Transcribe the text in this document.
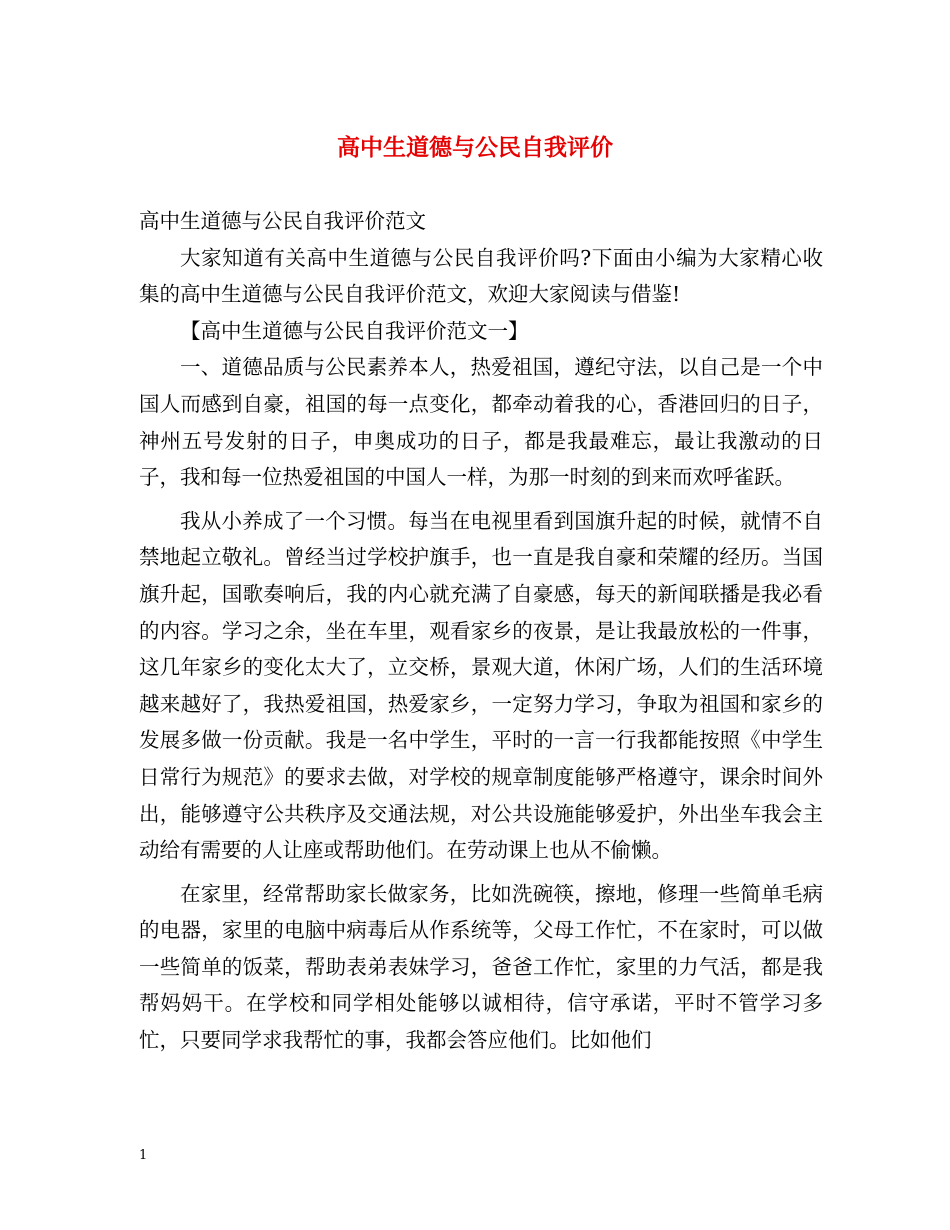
高中生道德与公民自我评价

高中生道德与公民自我评价范文

大家知道有关高中生道德与公民自我评价吗?下面由小编为大家精心收集的高中生道德与公民自我评价范文，欢迎大家阅读与借鉴!

【高中生道德与公民自我评价范文一】

一、道德品质与公民素养本人，热爱祖国，遵纪守法，以自己是一个中国人而感到自豪，祖国的每一点变化，都牵动着我的心，香港回归的日子，神州五号发射的日子，申奥成功的日子，都是我最难忘，最让我激动的日子，我和每一位热爱祖国的中国人一样，为那一时刻的到来而欢呼雀跃。

我从小养成了一个习惯。每当在电视里看到国旗升起的时候，就情不自禁地起立敬礼。曾经当过学校护旗手，也一直是我自豪和荣耀的经历。当国旗升起，国歌奏响后，我的内心就充满了自豪感，每天的新闻联播是我必看的内容。学习之余，坐在车里，观看家乡的夜景，是让我最放松的一件事，这几年家乡的变化太大了，立交桥，景观大道，休闲广场，人们的生活环境越来越好了，我热爱祖国，热爱家乡，一定努力学习，争取为祖国和家乡的发展多做一份贡献。我是一名中学生，平时的一言一行我都能按照《中学生日常行为规范》的要求去做，对学校的规章制度能够严格遵守，课余时间外出，能够遵守公共秩序及交通法规，对公共设施能够爱护，外出坐车我会主动给有需要的人让座或帮助他们。在劳动课上也从不偷懒。

在家里，经常帮助家长做家务，比如洗碗筷，擦地，修理一些简单毛病的电器，家里的电脑中病毒后从作系统等，父母工作忙，不在家时，可以做一些简单的饭菜，帮助表弟表妹学习，爸爸工作忙，家里的力气活，都是我帮妈妈干。在学校和同学相处能够以诚相待，信守承诺，平时不管学习多忙，只要同学求我帮忙的事，我都会答应他们。比如他们

1
